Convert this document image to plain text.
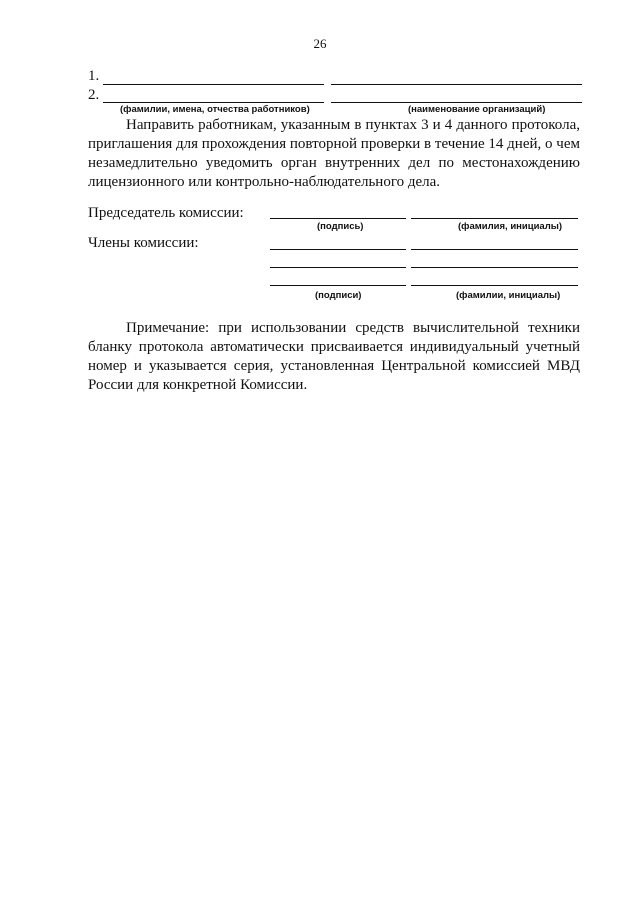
26
1.
2.
(фамилии, имена, отчества работников)	(наименование организаций)

Направить работникам, указанным в пунктах 3 и 4 данного протокола, приглашения для прохождения повторной проверки в течение 14 дней, о чем незамедлительно уведомить орган внутренних дел по местонахождению лицензионного или контрольно-наблюдательного дела.

Председатель комиссии:
(подпись)	(фамилия, инициалы)
Члены комиссии:
(подписи)	(фамилии, инициалы)

Примечание: при использовании средств вычислительной техники бланку протокола автоматически присваивается индивидуальный учетный номер и указывается серия, установленная Центральной комиссией МВД России для конкретной Комиссии.
